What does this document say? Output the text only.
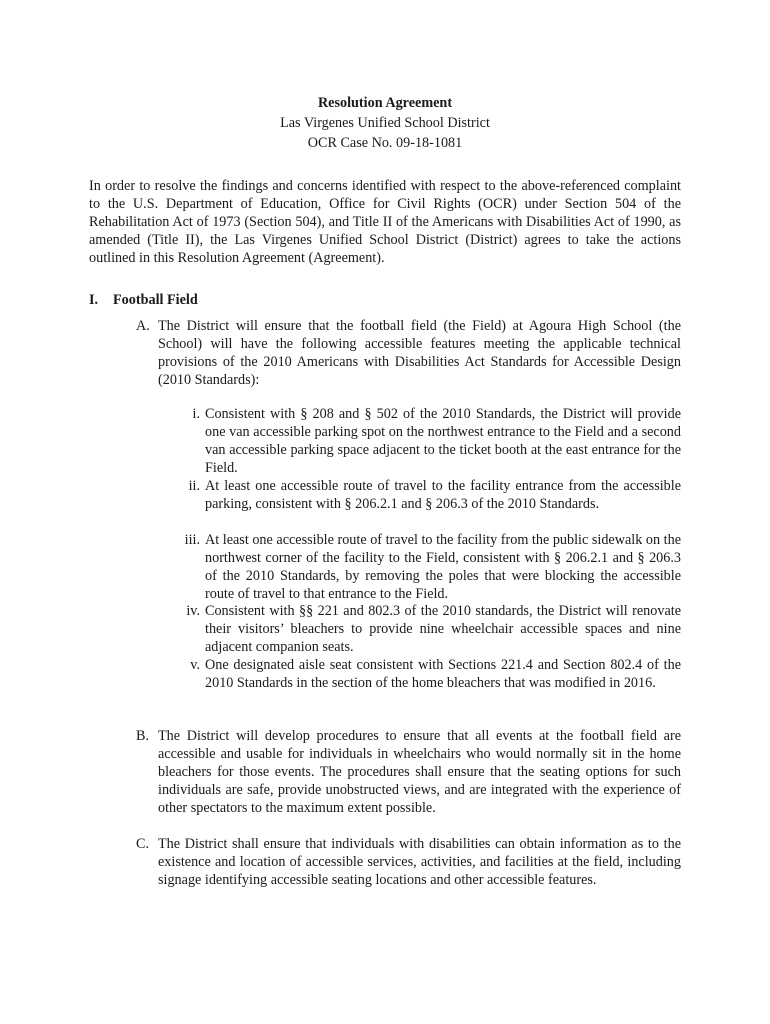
Resolution Agreement
Las Virgenes Unified School District
OCR Case No. 09-18-1081

In order to resolve the findings and concerns identified with respect to the above-referenced complaint to the U.S. Department of Education, Office for Civil Rights (OCR) under Section 504 of the Rehabilitation Act of 1973 (Section 504), and Title II of the Americans with Disabilities Act of 1990, as amended (Title II), the Las Virgenes Unified School District (District) agrees to take the actions outlined in this Resolution Agreement (Agreement).

I. Football Field
A. The District will ensure that the football field (the Field) at Agoura High School (the School) will have the following accessible features meeting the applicable technical provisions of the 2010 Americans with Disabilities Act Standards for Accessible Design (2010 Standards):
i. Consistent with § 208 and § 502 of the 2010 Standards, the District will provide one van accessible parking spot on the northwest entrance to the Field and a second van accessible parking space adjacent to the ticket booth at the east entrance for the Field.
ii. At least one accessible route of travel to the facility entrance from the accessible parking, consistent with § 206.2.1 and § 206.3 of the 2010 Standards.
iii. At least one accessible route of travel to the facility from the public sidewalk on the northwest corner of the facility to the Field, consistent with § 206.2.1 and § 206.3 of the 2010 Standards, by removing the poles that were blocking the accessible route of travel to that entrance to the Field.
iv. Consistent with §§ 221 and 802.3 of the 2010 standards, the District will renovate their visitors’ bleachers to provide nine wheelchair accessible spaces and nine adjacent companion seats.
v. One designated aisle seat consistent with Sections 221.4 and Section 802.4 of the 2010 Standards in the section of the home bleachers that was modified in 2016.
B. The District will develop procedures to ensure that all events at the football field are accessible and usable for individuals in wheelchairs who would normally sit in the home bleachers for those events. The procedures shall ensure that the seating options for such individuals are safe, provide unobstructed views, and are integrated with the experience of other spectators to the maximum extent possible.
C. The District shall ensure that individuals with disabilities can obtain information as to the existence and location of accessible services, activities, and facilities at the field, including signage identifying accessible seating locations and other accessible features.
